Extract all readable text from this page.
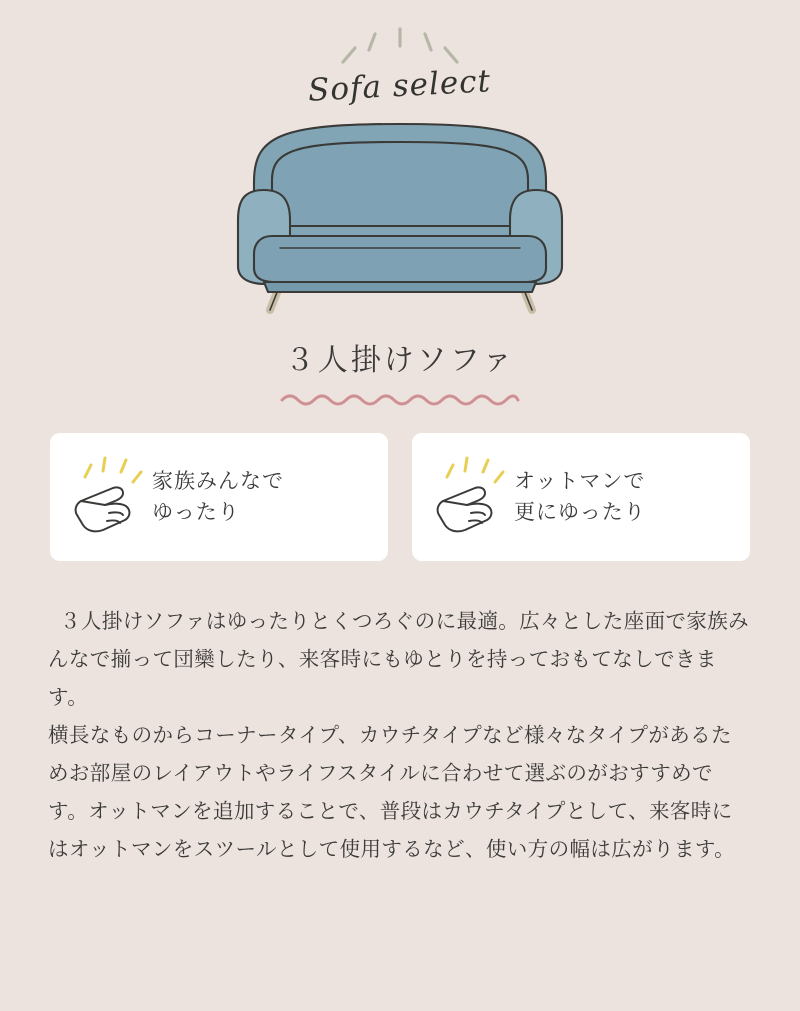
Sofa select
３人掛けソファ
家族みんなで
ゆったり
オットマンで
更にゆったり

３人掛けソファはゆったりとくつろぐのに最適。広々とした座面で家族みんなで揃って団欒したり、来客時にもゆとりを持っておもてなしできます。

横長なものからコーナータイプ、カウチタイプなど様々なタイプがあるためお部屋のレイアウトやライフスタイルに合わせて選ぶのがおすすめです。オットマンを追加することで、普段はカウチタイプとして、来客時にはオットマンをスツールとして使用するなど、使い方の幅は広がります。
